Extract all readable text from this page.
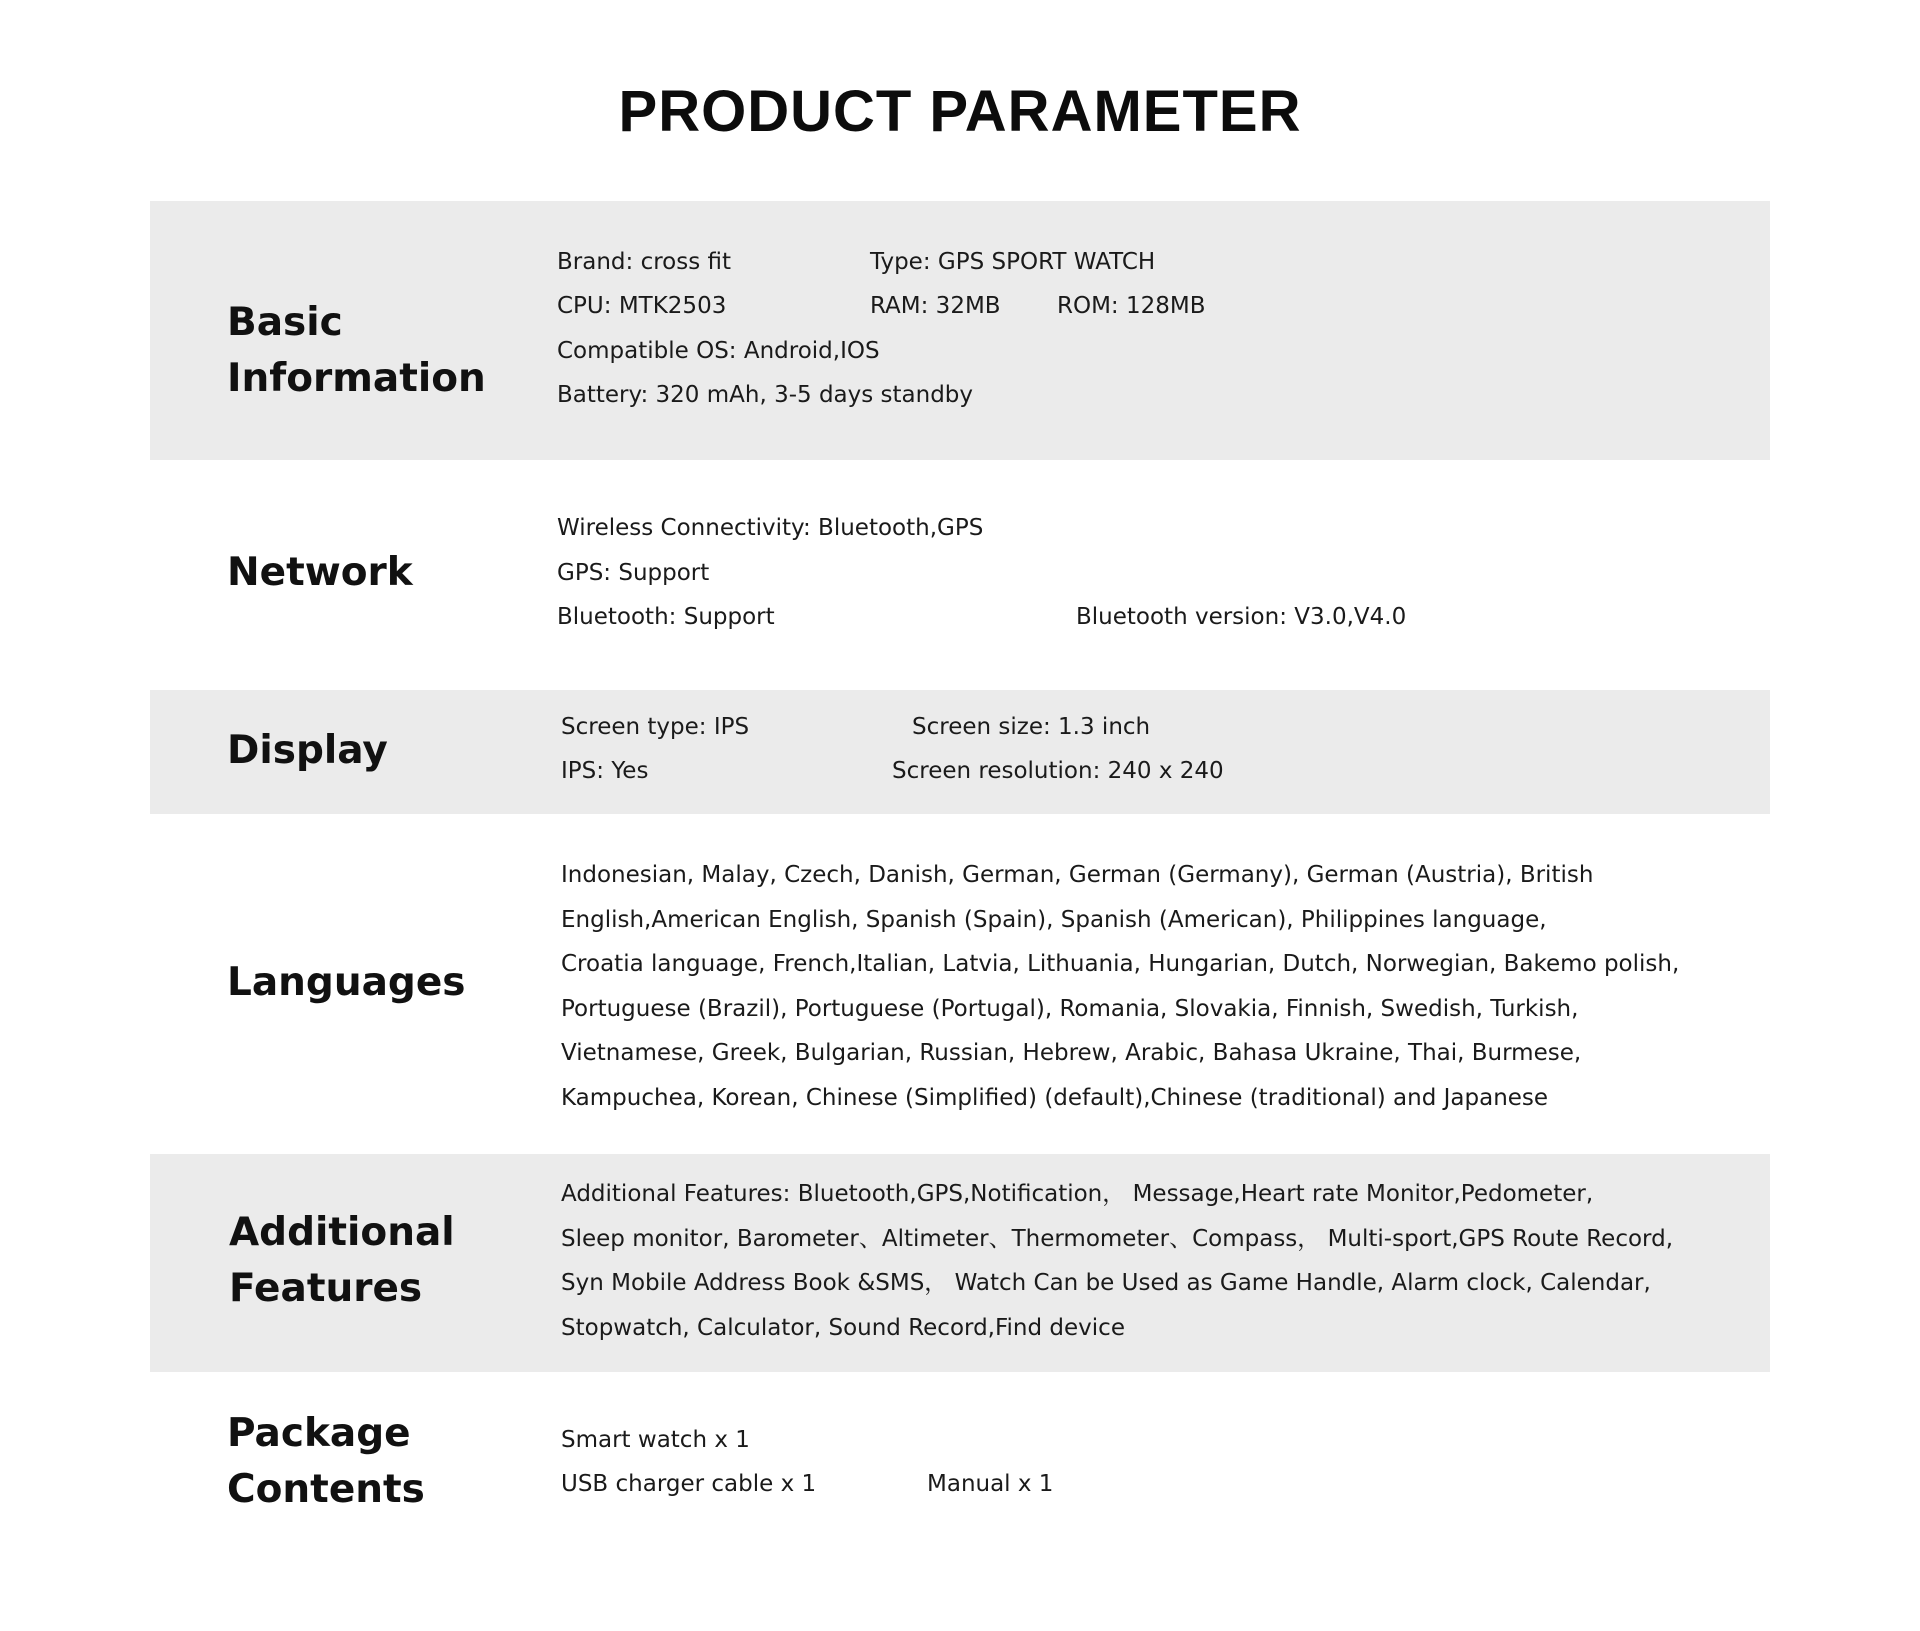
PRODUCT PARAMETER
Basic
Information
Brand: cross fit	Type: GPS SPORT WATCH
CPU: MTK2503	RAM: 32MB ROM: 128MB
Compatible OS: Android,IOS
Battery: 320 mAh, 3-5 days standby
Network
Wireless Connectivity: Bluetooth,GPS
GPS: Support
Bluetooth: Support	Bluetooth version: V3.0,V4.0
Display
Screen type: IPS	Screen size: 1.3 inch
IPS: Yes	Screen resolution: 240 x 240
Languages
Indonesian, Malay, Czech, Danish, German, German (Germany), German (Austria), British
English,American English, Spanish (Spain), Spanish (American), Philippines language,
Croatia language, French,Italian, Latvia, Lithuania, Hungarian, Dutch, Norwegian, Bakemo polish,
Portuguese (Brazil), Portuguese (Portugal), Romania, Slovakia, Finnish, Swedish, Turkish,
Vietnamese, Greek, Bulgarian, Russian, Hebrew, Arabic, Bahasa Ukraine, Thai, Burmese,
Kampuchea, Korean, Chinese (Simplified) (default),Chinese (traditional) and Japanese
Additional
Features
Additional Features: Bluetooth,GPS,Notification， Message,Heart rate Monitor,Pedometer,
Sleep monitor, Barometer、Altimeter、Thermometer、Compass， Multi-sport,GPS Route Record,
Syn Mobile Address Book &SMS， Watch Can be Used as Game Handle, Alarm clock, Calendar,
Stopwatch, Calculator, Sound Record,Find device
Package
Contents
Smart watch x 1
USB charger cable x 1	Manual x 1
